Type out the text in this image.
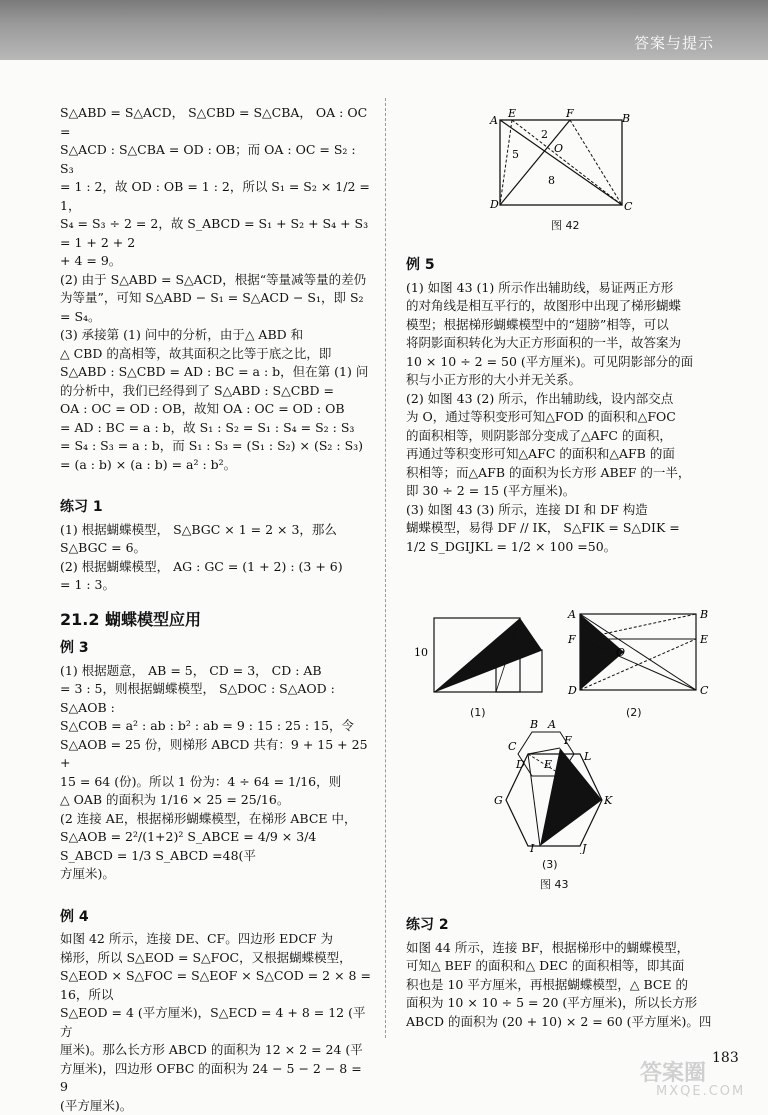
答案与提示

S△ABD = S△ACD， S△CBD = S△CBA， OA : OC =

S△ACD : S△CBA = OD : OB；而 OA : OC = S₂ : S₃

= 1 : 2，故 OD : OB = 1 : 2，所以 S₁ = S₂ × 1/2 = 1，

S₄ = S₃ ÷ 2 = 2，故 S_ABCD = S₁ + S₂ + S₄ + S₃ = 1 + 2 + 2

+ 4 = 9。

(2) 由于 S△ABD = S△ACD，根据“等量减等量的差仍

为等量”，可知 S△ABD − S₁ = S△ACD − S₁，即 S₂ = S₄。

(3) 承接第 (1) 问中的分析，由于△ ABD 和

△ CBD 的高相等，故其面积之比等于底之比，即

S△ABD : S△CBD = AD : BC = a : b，但在第 (1) 问

的分析中，我们已经得到了 S△ABD : S△CBD =

OA : OC = OD : OB，故知 OA : OC = OD : OB

= AD : BC = a : b，故 S₁ : S₂ = S₁ : S₄ = S₂ : S₃

= S₄ : S₃ = a : b，而 S₁ : S₃ = (S₁ : S₂) × (S₂ : S₃)

= (a : b) × (a : b) = a² : b²。

练习 1

(1) 根据蝴蝶模型， S△BGC × 1 = 2 × 3，那么

S△BGC = 6。

(2) 根据蝴蝶模型， AG : GC = (1 + 2) : (3 + 6)

= 1 : 3。

21.2 蝴蝶模型应用

例 3

(1) 根据题意， AB = 5， CD = 3， CD : AB

= 3 : 5，则根据蝴蝶模型， S△DOC : S△AOD : S△AOB :

S△COB = a² : ab : b² : ab = 9 : 15 : 25 : 15，令

S△AOB = 25 份，则梯形 ABCD 共有：9 + 15 + 25 +

15 = 64 (份)。所以 1 份为：4 ÷ 64 = 1/16，则

△ OAB 的面积为 1/16 × 25 = 25/16。

(2 连接 AE，根据梯形蝴蝶模型，在梯形 ABCE 中，

S△AOB = 2²/(1+2)² S_ABCE = 4/9 × 3/4 S_ABCD = 1/3 S_ABCD =48(平

方厘米)。

例 4

如图 42 所示，连接 DE、CF。四边形 EDCF 为

梯形，所以 S△EOD = S△FOC，又根据蝴蝶模型，

S△EOD × S△FOC = S△EOF × S△COD = 2 × 8 = 16，所以

S△EOD = 4 (平方厘米)，S△ECD = 4 + 8 = 12 (平方

厘米)。那么长方形 ABCD 的面积为 12 × 2 = 24 (平

方厘米)，四边形 OFBC 的面积为 24 − 5 − 2 − 8 = 9

(平方厘米)。

A
E	F	B
D	C
O
2
5
8
图 42

例 5

(1) 如图 43 (1) 所示作出辅助线，易证两正方形

的对角线是相互平行的，故图形中出现了梯形蝴蝶

模型；根据梯形蝴蝶模型中的“翅膀”相等，可以

将阴影面积转化为大正方形面积的一半，故答案为

10 × 10 ÷ 2 = 50 (平方厘米)。可见阴影部分的面

积与小正方形的大小并无关系。

(2) 如图 43 (2) 所示，作出辅助线，设内部交点

为 O，通过等积变形可知△FOD 的面积和△FOC

的面积相等，则阴影部分变成了△AFC 的面积，

再通过等积变形可知△AFC 的面积和△AFB 的面

积相等；而△AFB 的面积为长方形 ABEF 的一半，

即 30 ÷ 2 = 15 (平方厘米)。

(3) 如图 43 (3) 所示，连接 DI 和 DF 构造

蝴蝶模型，易得 DF // IK， S△FIK = S△DIK =

1/2 S_DGIJKL = 1/2 × 100 =50。

10
(1)
A	B
F	E
O
D	C
(2)
B A
C	F
L
D E
G	K
I	J
(3)
图 43

练习 2

如图 44 所示，连接 BF，根据梯形中的蝴蝶模型，

可知△ BEF 的面积和△ DEC 的面积相等，即其面

积也是 10 平方厘米，再根据蝴蝶模型，△ BCE 的

面积为 10 × 10 ÷ 5 = 20 (平方厘米)，所以长方形

ABCD 的面积为 (20 + 10) × 2 = 60 (平方厘米)。四

答案圈
MXQE.COM
183
